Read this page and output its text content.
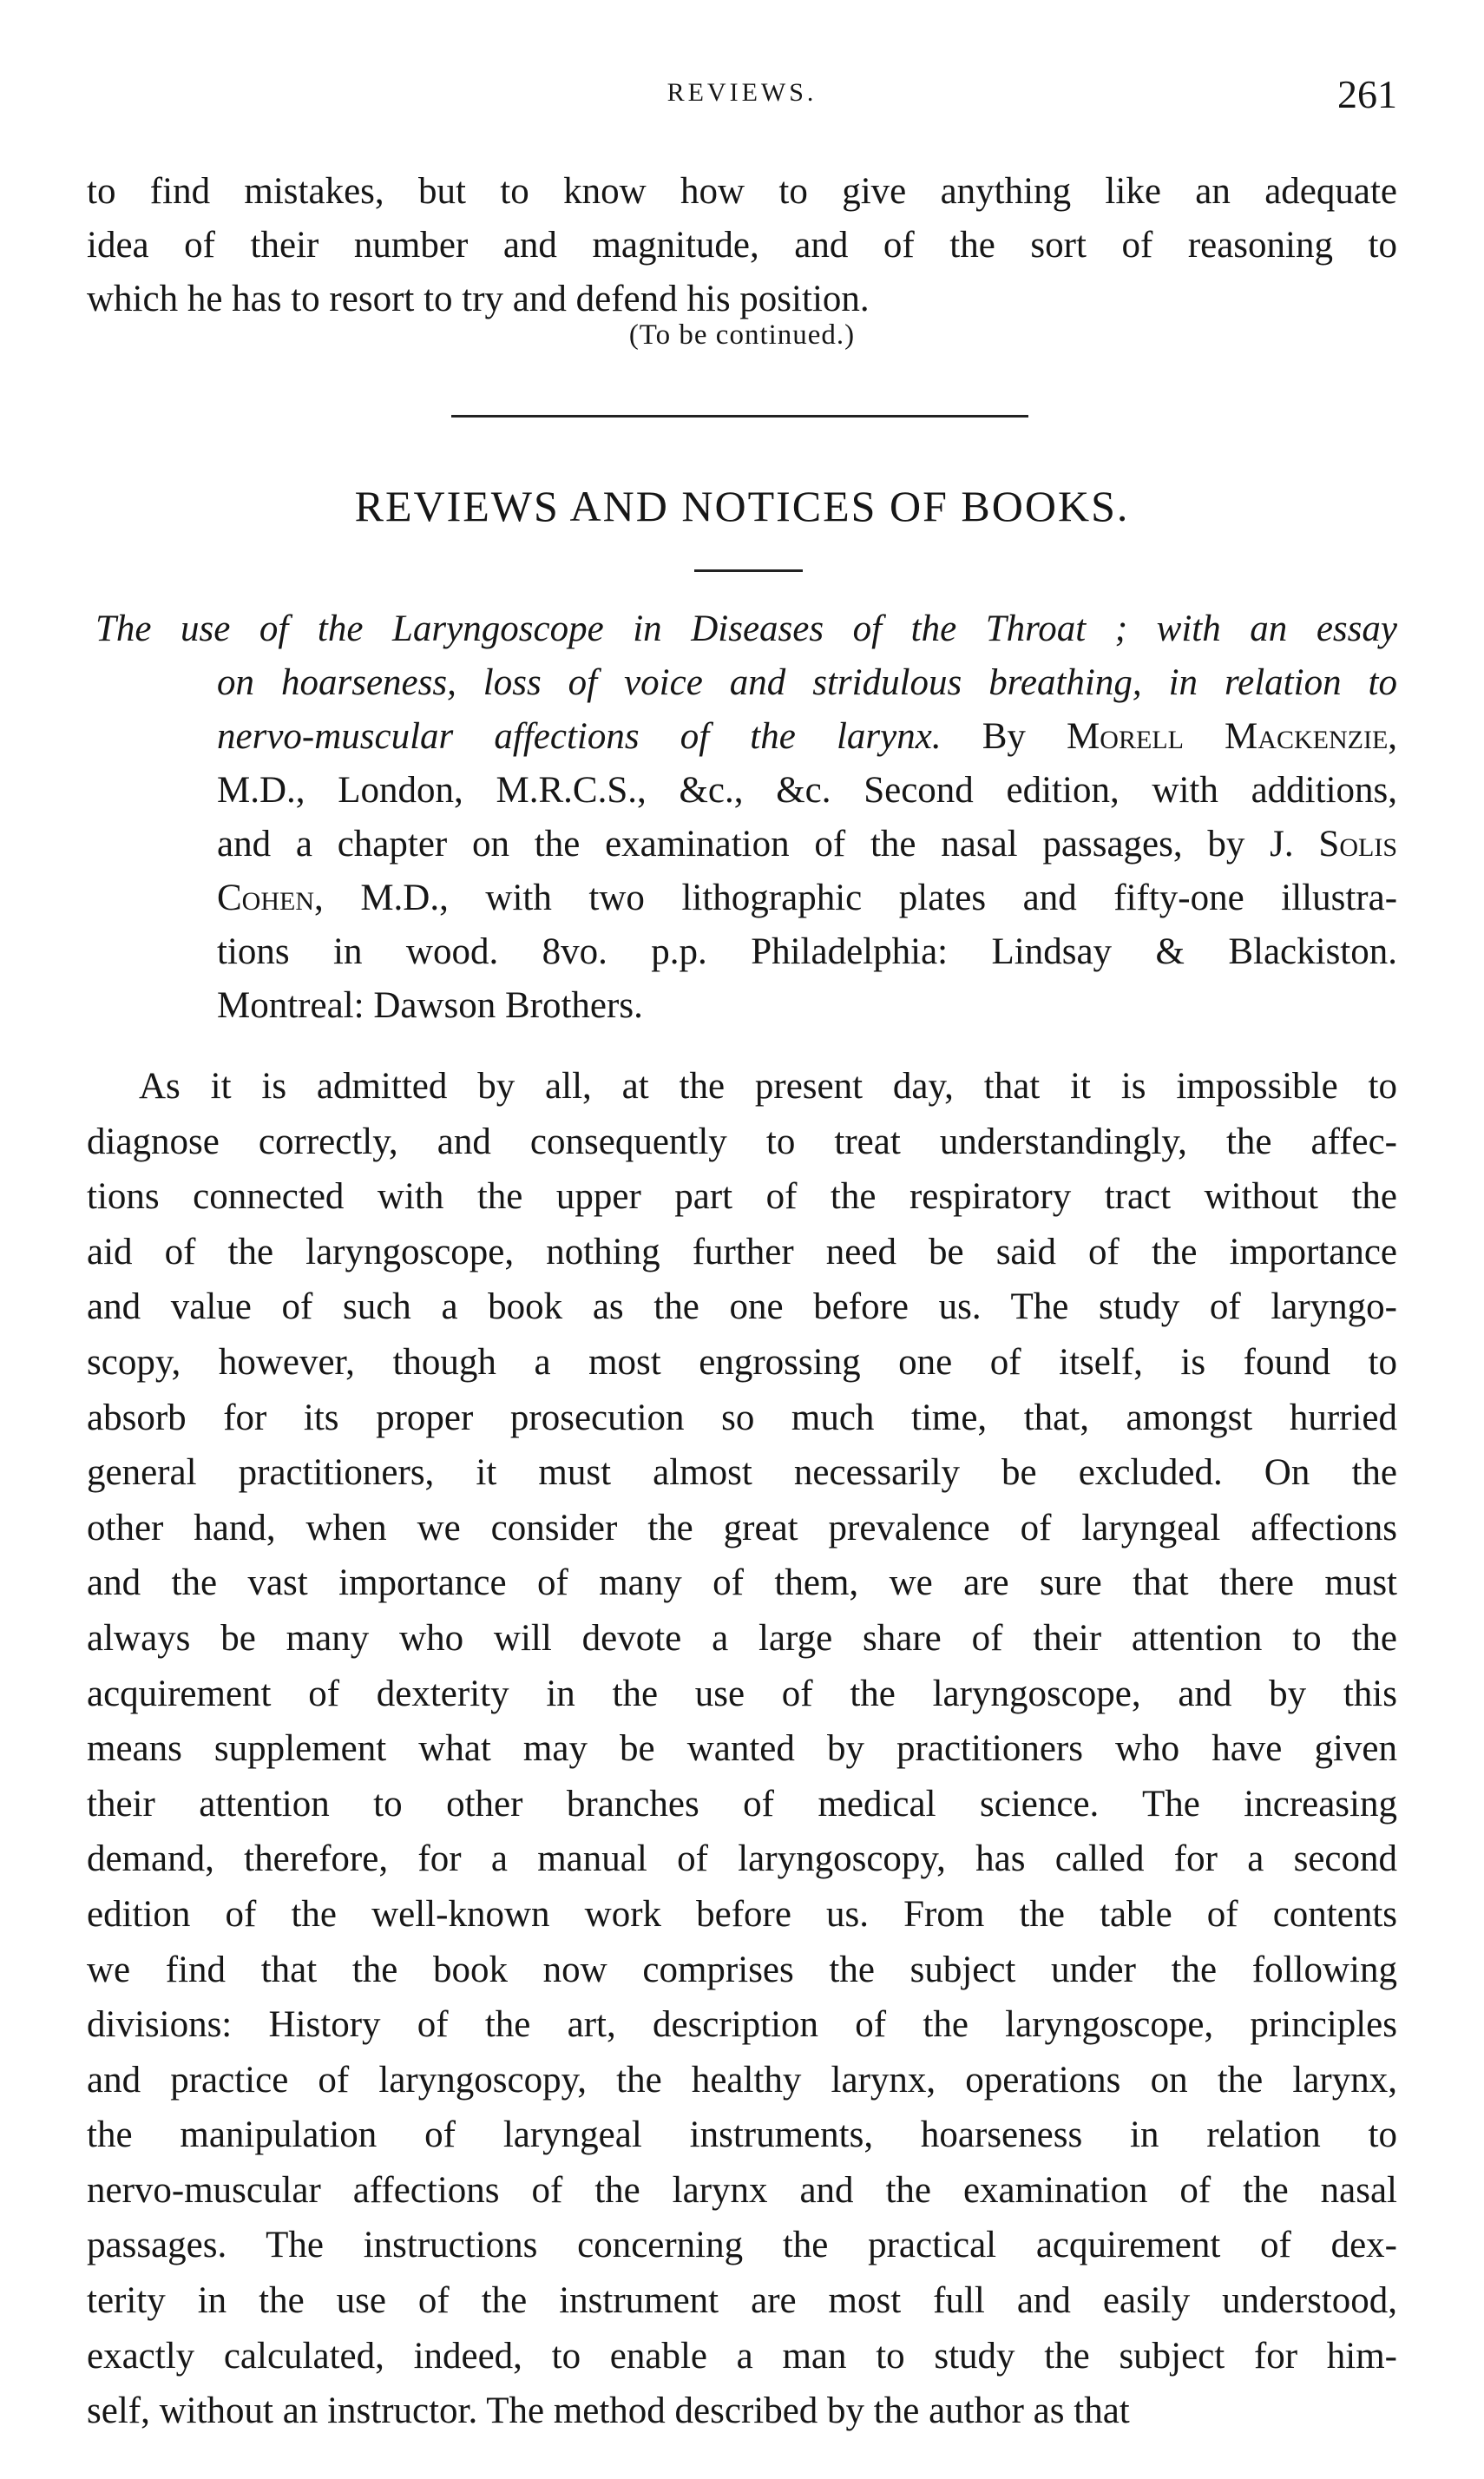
REVIEWS.	261
to find mistakes, but to know how to give anything like an adequate
idea of their number and magnitude, and of the sort of reasoning to
which he has to resort to try and defend his position.
(To be continued.)
REVIEWS AND NOTICES OF BOOKS.
The use of the Laryngoscope in Diseases of the Throat ; with an essay
on hoarseness, loss of voice and stridulous breathing, in relation to
nervo-muscular affections of the larynx. By Morell Mackenzie,
M.D., London, M.R.C.S., &c., &c. Second edition, with additions,
and a chapter on the examination of the nasal passages, by J. Solis
Cohen, M.D., with two lithographic plates and fifty-one illustra-
tions in wood. 8vo. p.p. Philadelphia: Lindsay & Blackiston.
Montreal: Dawson Brothers.
As it is admitted by all, at the present day, that it is impossible to
diagnose correctly, and consequently to treat understandingly, the affec-
tions connected with the upper part of the respiratory tract without the
aid of the laryngoscope, nothing further need be said of the importance
and value of such a book as the one before us. The study of laryngo-
scopy, however, though a most engrossing one of itself, is found to
absorb for its proper prosecution so much time, that, amongst hurried
general practitioners, it must almost necessarily be excluded. On the
other hand, when we consider the great prevalence of laryngeal affections
and the vast importance of many of them, we are sure that there must
always be many who will devote a large share of their attention to the
acquirement of dexterity in the use of the laryngoscope, and by this
means supplement what may be wanted by practitioners who have given
their attention to other branches of medical science. The increasing
demand, therefore, for a manual of laryngoscopy, has called for a second
edition of the well-known work before us. From the table of contents
we find that the book now comprises the subject under the following
divisions: History of the art, description of the laryngoscope, principles
and practice of laryngoscopy, the healthy larynx, operations on the larynx,
the manipulation of laryngeal instruments, hoarseness in relation to
nervo-muscular affections of the larynx and the examination of the nasal
passages. The instructions concerning the practical acquirement of dex-
terity in the use of the instrument are most full and easily understood,
exactly calculated, indeed, to enable a man to study the subject for him-
self, without an instructor. The method described by the author as that
